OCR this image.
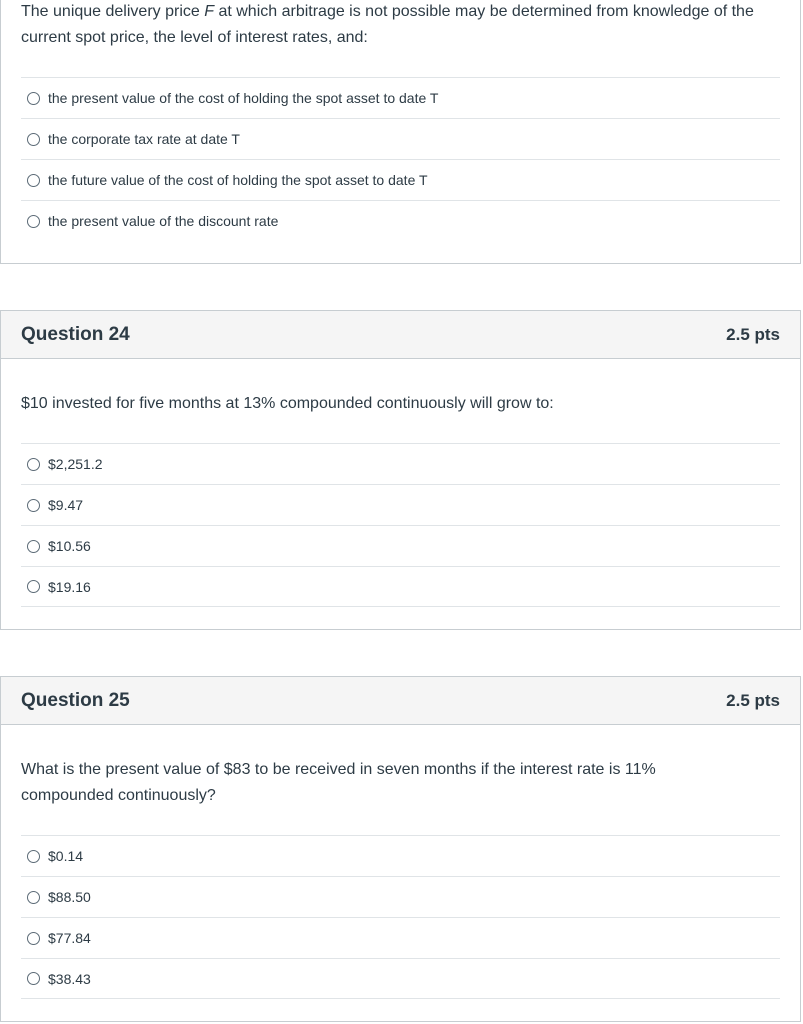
The unique delivery price F at which arbitrage is not possible may be determined from knowledge of the current spot price, the level of interest rates, and:
the present value of the cost of holding the spot asset to date T
the corporate tax rate at date T
the future value of the cost of holding the spot asset to date T
the present value of the discount rate
Question 24	2.5 pts
$10 invested for five months at 13% compounded continuously will grow to:
$2,251.2
$9.47
$10.56
$19.16
Question 25	2.5 pts
What is the present value of $83 to be received in seven months if the interest rate is 11% compounded continuously?
$0.14
$88.50
$77.84
$38.43
